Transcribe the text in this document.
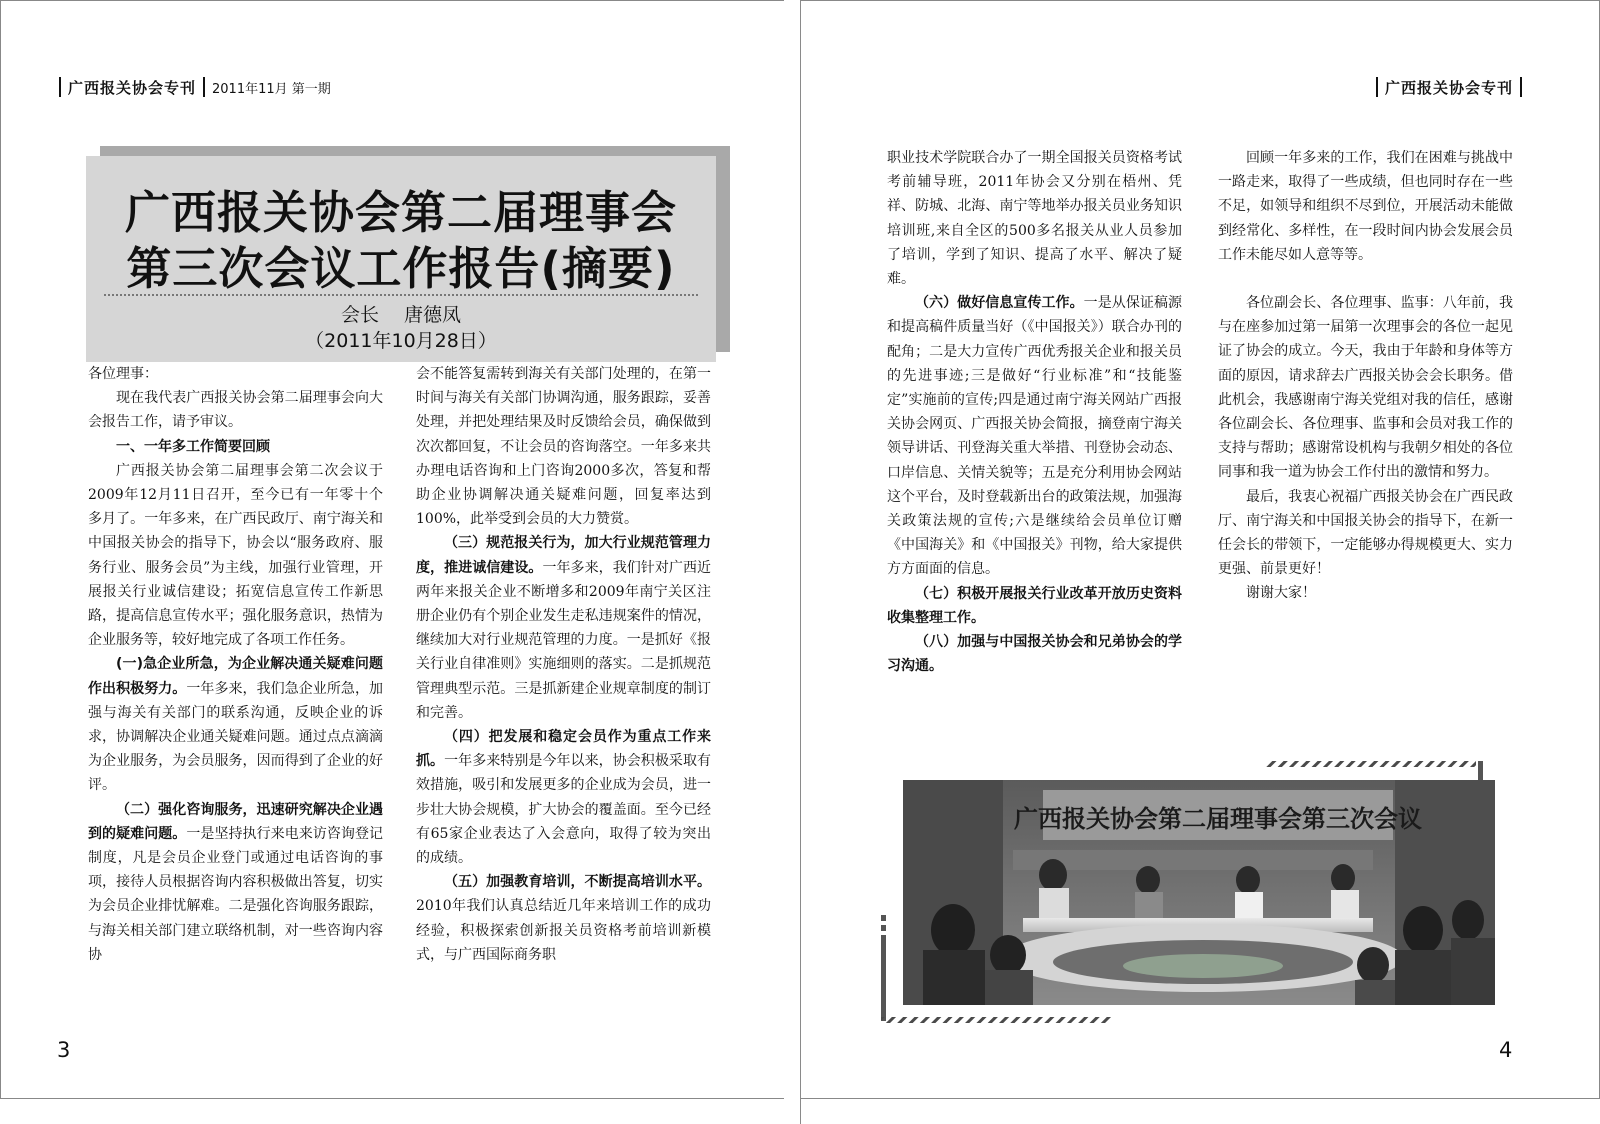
广西报关协会专刊 2011年11月 第一期
广西报关协会第二届理事会
第三次会议工作报告(摘要)
会长　 唐德凤
（2011年10月28日）

各位理事：

现在我代表广西报关协会第二届理事会向大会报告工作，请予审议。

一、一年多工作简要回顾

广西报关协会第二届理事会第二次会议于2009年12月11日召开，至今已有一年零十个多月了。一年多来，在广西民政厅、南宁海关和中国报关协会的指导下，协会以“服务政府、服务行业、服务会员”为主线，加强行业管理，开展报关行业诚信建设；拓宽信息宣传工作新思路，提高信息宣传水平；强化服务意识，热情为企业服务等，较好地完成了各项工作任务。

(一)急企业所急，为企业解决通关疑难问题作出积极努力。一年多来，我们急企业所急，加强与海关有关部门的联系沟通，反映企业的诉求，协调解决企业通关疑难问题。通过点点滴滴为企业服务，为会员服务，因而得到了企业的好评。

（二）强化咨询服务，迅速研究解决企业遇到的疑难问题。一是坚持执行来电来访咨询登记制度，凡是会员企业登门或通过电话咨询的事项，接待人员根据咨询内容积极做出答复，切实为会员企业排忧解难。二是强化咨询服务跟踪，与海关相关部门建立联络机制，对一些咨询内容协

会不能答复需转到海关有关部门处理的，在第一时间与海关有关部门协调沟通，服务跟踪，妥善处理，并把处理结果及时反馈给会员，确保做到次次都回复，不让会员的咨询落空。一年多来共办理电话咨询和上门咨询2000多次，答复和帮助企业协调解决通关疑难问题，回复率达到100%，此举受到会员的大力赞赏。

（三）规范报关行为，加大行业规范管理力度，推进诚信建设。一年多来，我们针对广西近两年来报关企业不断增多和2009年南宁关区注册企业仍有个别企业发生走私违规案件的情况，继续加大对行业规范管理的力度。一是抓好《报关行业自律准则》实施细则的落实。二是抓规范管理典型示范。三是抓新建企业规章制度的制订和完善。

（四）把发展和稳定会员作为重点工作来抓。一年多来特别是今年以来，协会积极采取有效措施，吸引和发展更多的企业成为会员，进一步壮大协会规模，扩大协会的覆盖面。至今已经有65家企业表达了入会意向，取得了较为突出的成绩。

（五）加强教育培训，不断提高培训水平。2010年我们认真总结近几年来培训工作的成功经验，积极探索创新报关员资格考前培训新模式，与广西国际商务职

3
广西报关协会专刊

职业技术学院联合办了一期全国报关员资格考试考前辅导班，2011年协会又分别在梧州、凭祥、防城、北海、南宁等地举办报关员业务知识培训班,来自全区的500多名报关从业人员参加了培训，学到了知识、提高了水平、解决了疑难。

（六）做好信息宣传工作。一是从保证稿源和提高稿件质量当好（《中国报关》）联合办刊的配角；二是大力宣传广西优秀报关企业和报关员的先进事迹;三是做好“行业标准”和“技能鉴定”实施前的宣传;四是通过南宁海关网站广西报关协会网页、广西报关协会简报，摘登南宁海关领导讲话、刊登海关重大举措、刊登协会动态、口岸信息、关情关貌等；五是充分利用协会网站这个平台，及时登载新出台的政策法规，加强海关政策法规的宣传;六是继续给会员单位订赠《中国海关》和《中国报关》刊物，给大家提供方方面面的信息。

（七）积极开展报关行业改革开放历史资料收集整理工作。

（八）加强与中国报关协会和兄弟协会的学习沟通。

回顾一年多来的工作，我们在困难与挑战中一路走来，取得了一些成绩，但也同时存在一些不足，如领导和组织不尽到位，开展活动未能做到经常化、多样性，在一段时间内协会发展会员工作未能尽如人意等等。

各位副会长、各位理事、监事：八年前，我与在座参加过第一届第一次理事会的各位一起见证了协会的成立。今天，我由于年龄和身体等方面的原因，请求辞去广西报关协会会长职务。借此机会，我感谢南宁海关党组对我的信任，感谢各位副会长、各位理事、监事和会员对我工作的支持与帮助；感谢常设机构与我朝夕相处的各位同事和我一道为协会工作付出的激情和努力。

最后，我衷心祝福广西报关协会在广西民政厅、南宁海关和中国报关协会的指导下，在新一任会长的带领下，一定能够办得规模更大、实力更强、前景更好！

谢谢大家！

广西报关协会第二届理事会第三次会议
4
